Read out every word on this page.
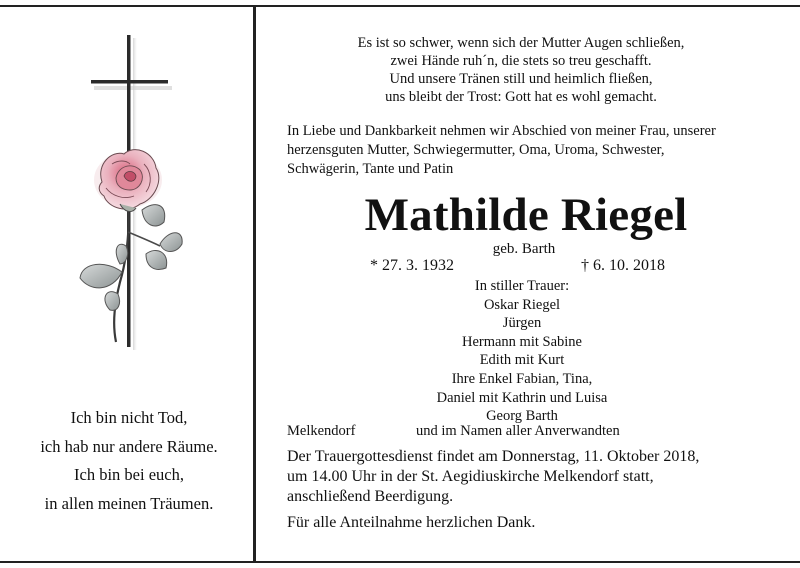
Ich bin nicht Tod,
ich hab nur andere Räume.
Ich bin bei euch,
in allen meinen Träumen.
Es ist so schwer, wenn sich der Mutter Augen schließen,
zwei Hände ruh´n, die stets so treu geschafft.
Und unsere Tränen still und heimlich fließen,
uns bleibt der Trost: Gott hat es wohl gemacht.
In Liebe und Dankbarkeit nehmen wir Abschied von meiner Frau, unserer
herzensguten Mutter, Schwiegermutter, Oma, Uroma, Schwester,
Schwägerin, Tante und Patin
Mathilde Riegel
geb. Barth
* 27. 3. 1932	† 6. 10. 2018
In stiller Trauer:
Oskar Riegel
Jürgen
Hermann mit Sabine
Edith mit Kurt
Ihre Enkel Fabian, Tina,
Daniel mit Kathrin und Luisa
Georg Barth
Melkendorf	und im Namen aller Anverwandten
Der Trauergottesdienst findet am Donnerstag, 11. Oktober 2018,
um 14.00 Uhr in der St. Aegidiuskirche Melkendorf statt,
anschließend Beerdigung.
Für alle Anteilnahme herzlichen Dank.
